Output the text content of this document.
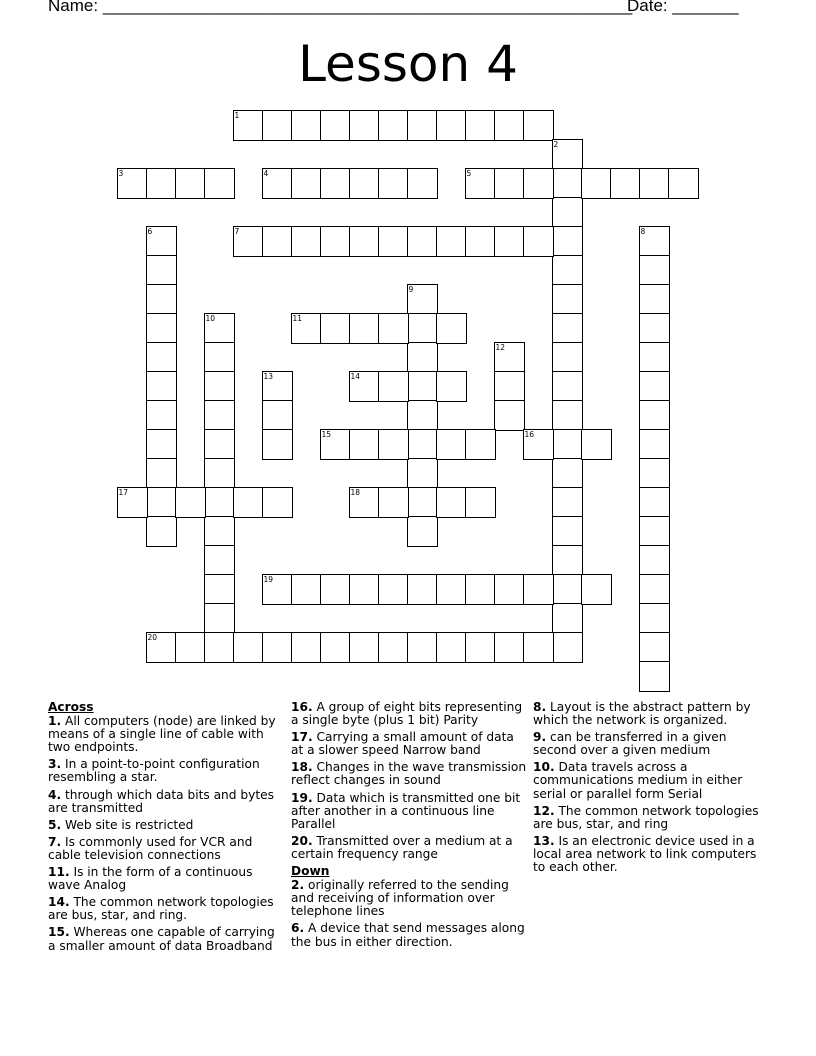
Name: ________________________________________________________
Date: _______
Lesson 4
1
2
3	4	5
6	7	8
9
10	11
12
13	14
15	16
17	18
19
20
Across
1. All computers (node) are linked by means of a single line of cable with two endpoints.
3. In a point-to-point configuration resembling a star.
4. through which data bits and bytes are transmitted
5. Web site is restricted
7. Is commonly used for VCR and cable television connections
11. Is in the form of a continuous wave Analog
14. The common network topologies are bus, star, and ring.
15. Whereas one capable of carrying a smaller amount of data Broadband
16. A group of eight bits representing a single byte (plus 1 bit) Parity
17. Carrying a small amount of data at a slower speed Narrow band
18. Changes in the wave transmission reflect changes in sound
19. Data which is transmitted one bit after another in a continuous line Parallel
20. Transmitted over a medium at a certain frequency range
Down
2. originally referred to the sending and receiving of information over telephone lines
6. A device that send messages along the bus in either direction.
8. Layout is the abstract pattern by which the network is organized.
9. can be transferred in a given second over a given medium
10. Data travels across a communications medium in either serial or parallel form Serial
12. The common network topologies are bus, star, and ring
13. Is an electronic device used in a local area network to link computers to each other.
